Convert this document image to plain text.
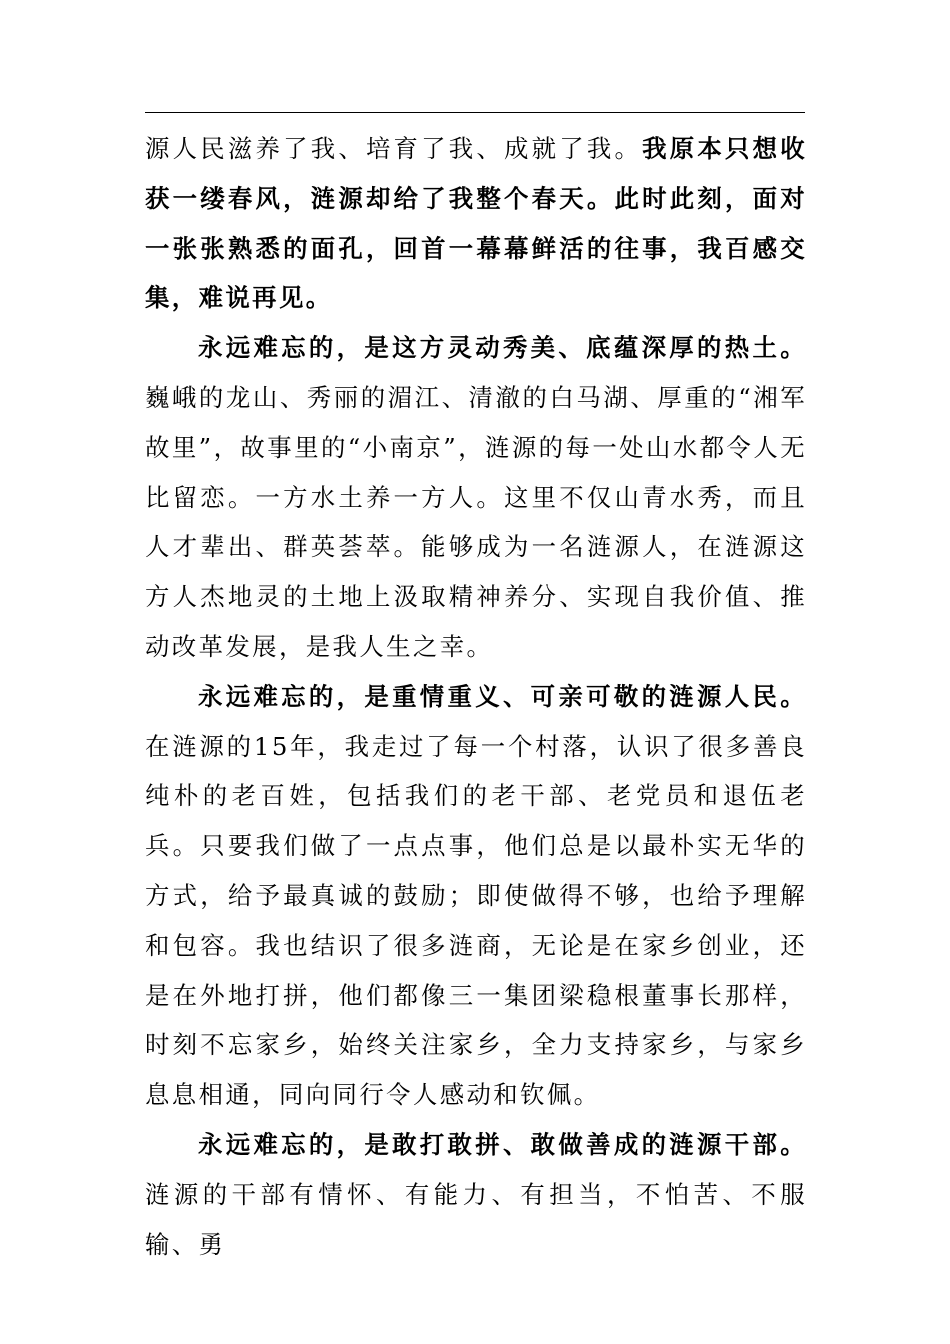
源人民滋养了我、培育了我、成就了我。我原本只想收获一缕春风，涟源却给了我整个春天。此时此刻，面对一张张熟悉的面孔，回首一幕幕鲜活的往事，我百感交集，难说再见。

永远难忘的，是这方灵动秀美、底蕴深厚的热土。巍峨的龙山、秀丽的湄江、清澈的白马湖、厚重的“湘军故里”，故事里的“小南京”，涟源的每一处山水都令人无比留恋。一方水土养一方人。这里不仅山青水秀，而且人才辈出、群英荟萃。能够成为一名涟源人，在涟源这方人杰地灵的土地上汲取精神养分、实现自我价值、推动改革发展，是我人生之幸。

永远难忘的，是重情重义、可亲可敬的涟源人民。在涟源的15年，我走过了每一个村落，认识了很多善良纯朴的老百姓，包括我们的老干部、老党员和退伍老兵。只要我们做了一点点事，他们总是以最朴实无华的方式，给予最真诚的鼓励；即使做得不够，也给予理解和包容。我也结识了很多涟商，无论是在家乡创业，还是在外地打拼，他们都像三一集团梁稳根董事长那样，时刻不忘家乡，始终关注家乡，全力支持家乡，与家乡息息相通，同向同行令人感动和钦佩。

永远难忘的，是敢打敢拼、敢做善成的涟源干部。涟源的干部有情怀、有能力、有担当，不怕苦、不服输、勇
